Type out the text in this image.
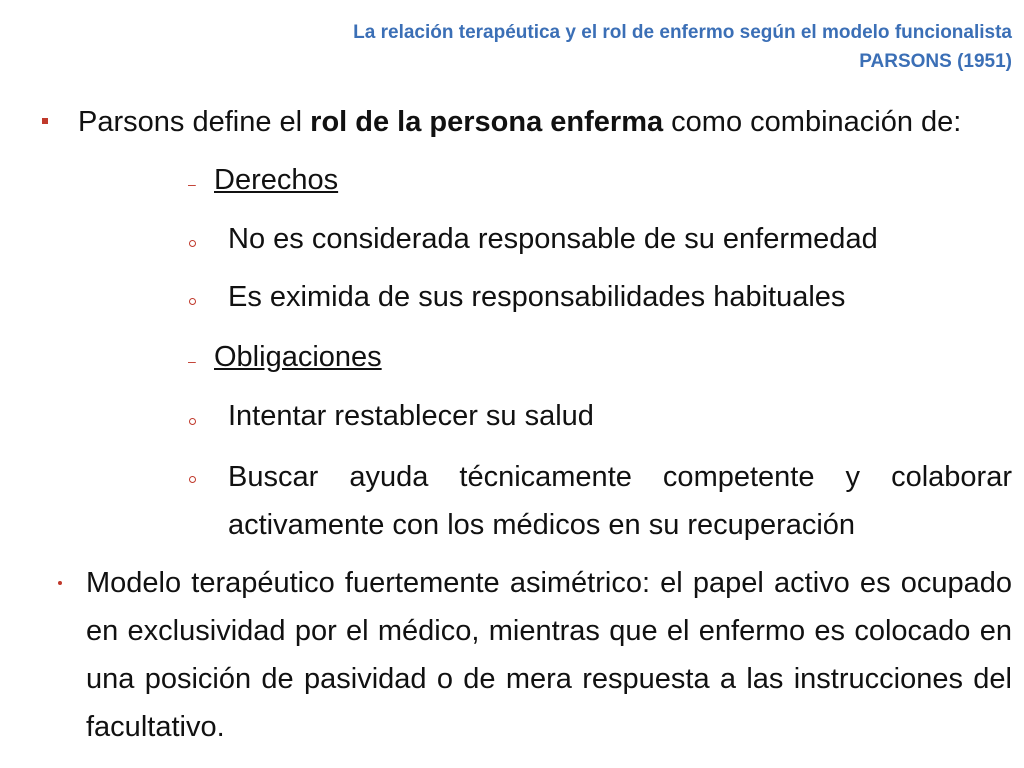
La relación terapéutica y el rol de enfermo según el modelo funcionalista
PARSONS (1951)
Parsons define el rol de la persona enferma como combinación de:
– Derechos
No es considerada responsable de su enfermedad
Es eximida de sus responsabilidades habituales
– Obligaciones
Intentar restablecer su salud
Buscar ayuda técnicamente competente y colaborar activamente con los médicos en su recuperación
Modelo terapéutico fuertemente asimétrico: el papel activo es ocupado en exclusividad por el médico, mientras que el enfermo es colocado en una posición de pasividad o de mera respuesta a las instrucciones del facultativo.
